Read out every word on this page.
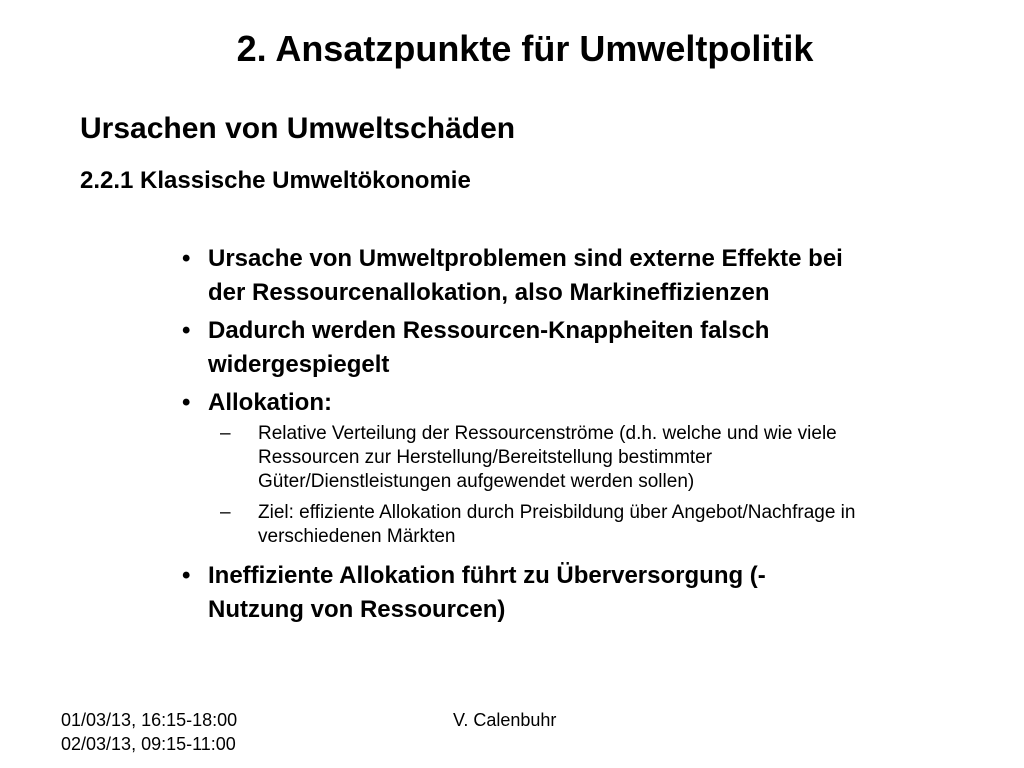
2. Ansatzpunkte für Umweltpolitik
Ursachen von Umweltschäden
2.2.1 Klassische Umweltökonomie
• Ursache von Umweltproblemen sind externe Effekte bei
der Ressourcenallokation, also Markineffizienzen
• Dadurch werden Ressourcen-Knappheiten falsch
widergespiegelt
• Allokation:
– Relative Verteilung der Ressourcenströme (d.h. welche und wie viele
Ressourcen zur Herstellung/Bereitstellung bestimmter
Güter/Dienstleistungen aufgewendet werden sollen)
– Ziel: effiziente Allokation durch Preisbildung über Angebot/Nachfrage in
verschiedenen Märkten
• Ineffiziente Allokation führt zu Überversorgung (-
Nutzung von Ressourcen)
01/03/13, 16:15-18:00
02/03/13, 09:15-11:00
V. Calenbuhr
